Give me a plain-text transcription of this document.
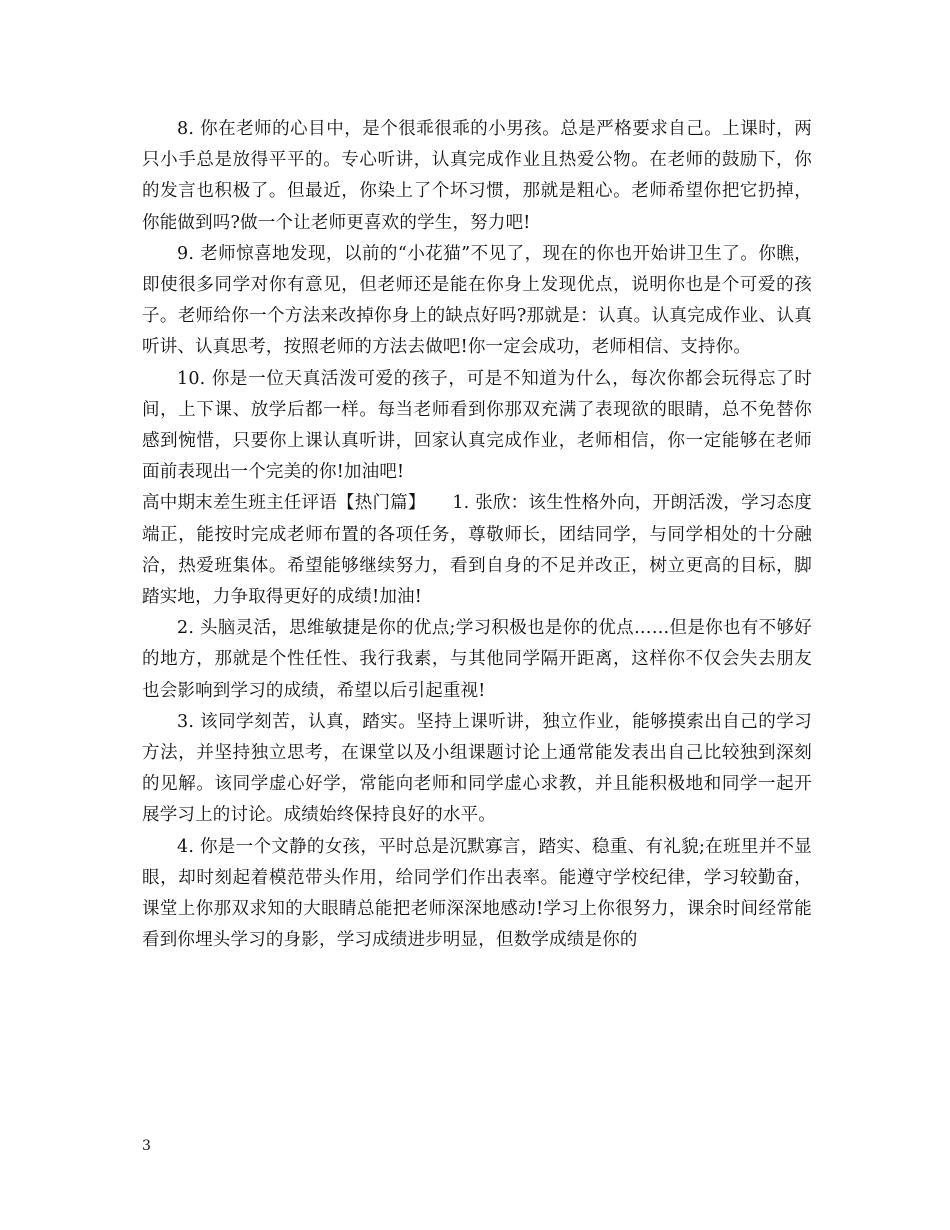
8. 你在老师的心目中，是个很乖很乖的小男孩。总是严格要求自己。上课时，两只小手总是放得平平的。专心听讲，认真完成作业且热爱公物。在老师的鼓励下，你的发言也积极了。但最近，你染上了个坏习惯，那就是粗心。老师希望你把它扔掉，你能做到吗?做一个让老师更喜欢的学生，努力吧!

9. 老师惊喜地发现，以前的“小花猫”不见了，现在的你也开始讲卫生了。你瞧，即使很多同学对你有意见，但老师还是能在你身上发现优点，说明你也是个可爱的孩子。老师给你一个方法来改掉你身上的缺点好吗?那就是：认真。认真完成作业、认真听讲、认真思考，按照老师的方法去做吧!你一定会成功，老师相信、支持你。

10. 你是一位天真活泼可爱的孩子，可是不知道为什么，每次你都会玩得忘了时间，上下课、放学后都一样。每当老师看到你那双充满了表现欲的眼睛，总不免替你感到惋惜，只要你上课认真听讲，回家认真完成作业，老师相信，你一定能够在老师面前表现出一个完美的你!加油吧!

高中期末差生班主任评语【热门篇】　　1. 张欣：该生性格外向，开朗活泼，学习态度端正，能按时完成老师布置的各项任务，尊敬师长，团结同学，与同学相处的十分融洽，热爱班集体。希望能够继续努力，看到自身的不足并改正，树立更高的目标，脚踏实地，力争取得更好的成绩!加油!

2. 头脑灵活，思维敏捷是你的优点;学习积极也是你的优点……但是你也有不够好的地方，那就是个性任性、我行我素，与其他同学隔开距离，这样你不仅会失去朋友也会影响到学习的成绩，希望以后引起重视!

3. 该同学刻苦，认真，踏实。坚持上课听讲，独立作业，能够摸索出自己的学习方法，并坚持独立思考，在课堂以及小组课题讨论上通常能发表出自己比较独到深刻的见解。该同学虚心好学，常能向老师和同学虚心求教，并且能积极地和同学一起开展学习上的讨论。成绩始终保持良好的水平。

4. 你是一个文静的女孩，平时总是沉默寡言，踏实、稳重、有礼貌;在班里并不显眼，却时刻起着模范带头作用，给同学们作出表率。能遵守学校纪律，学习较勤奋，课堂上你那双求知的大眼睛总能把老师深深地感动!学习上你很努力，课余时间经常能看到你埋头学习的身影，学习成绩进步明显，但数学成绩是你的

3
